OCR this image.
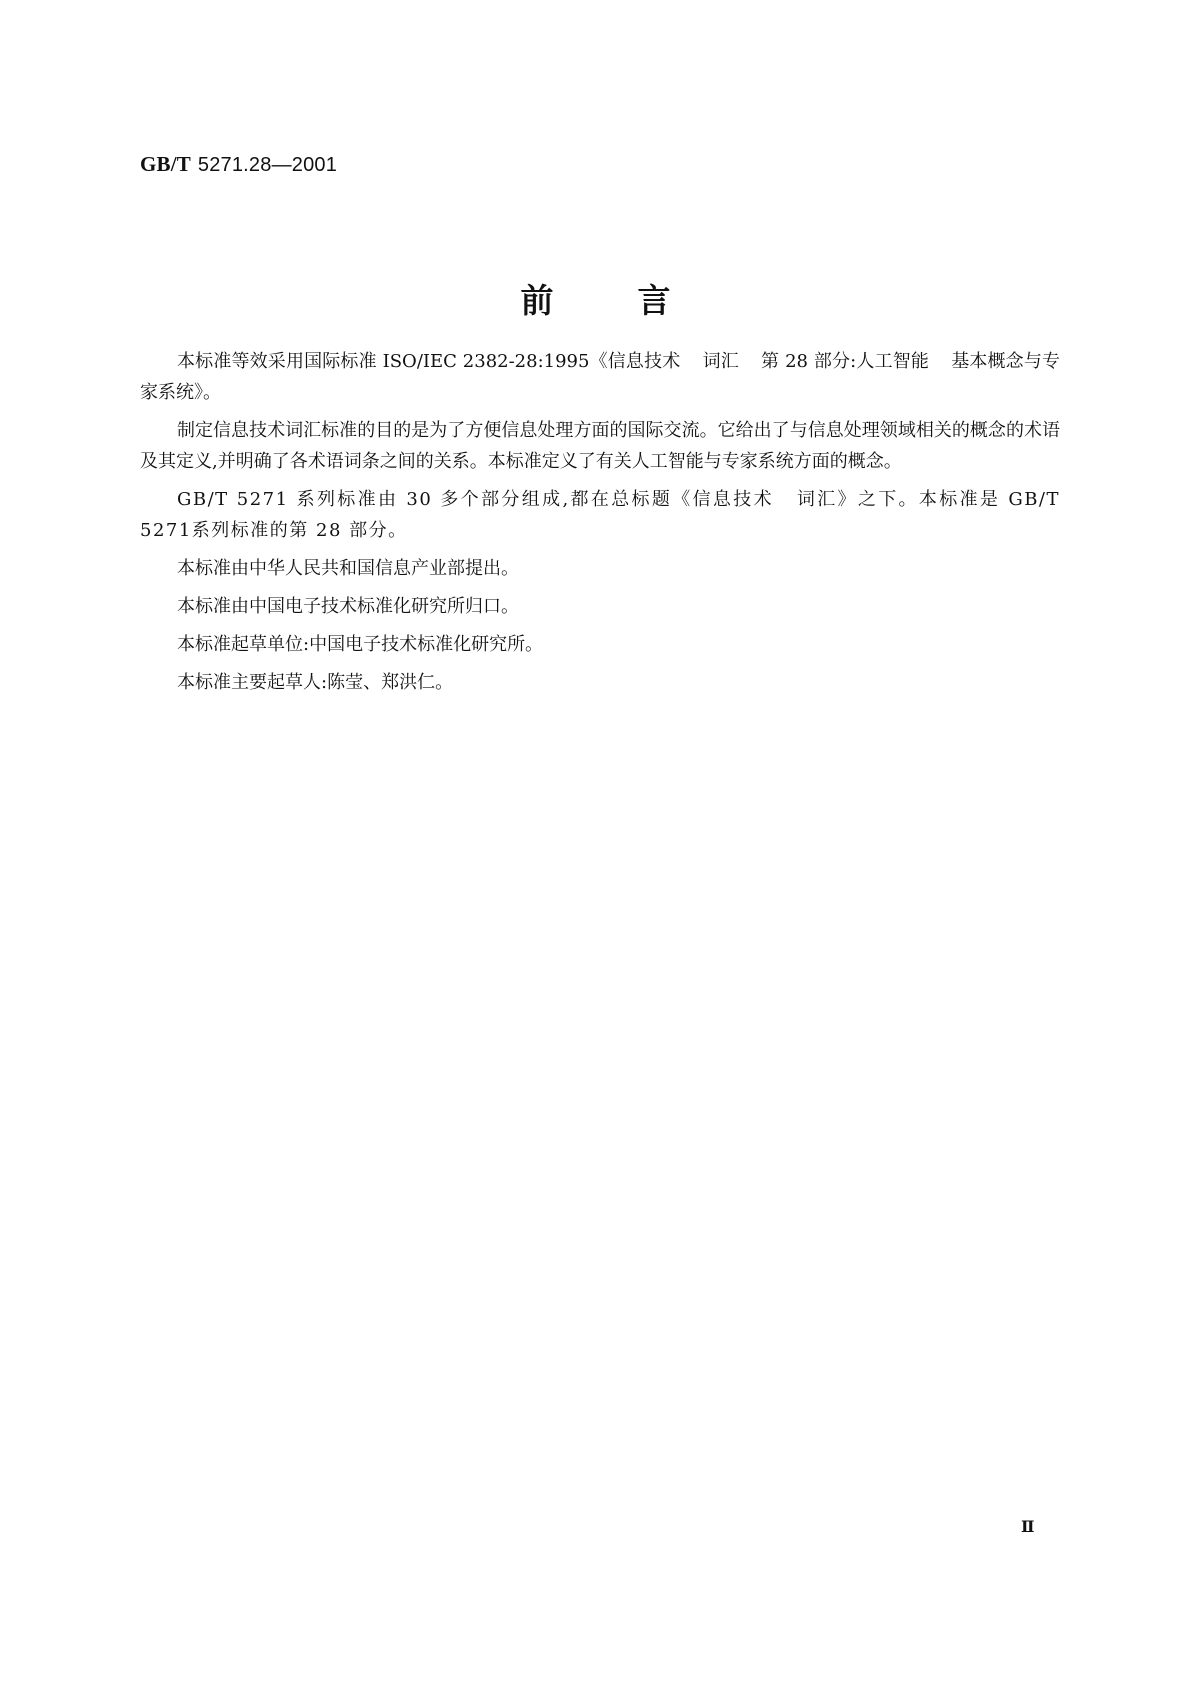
GB/T 5271.28—2001
前言

本标准等效采用国际标准 ISO/IEC 2382-28:1995《信息技术 词汇 第 28 部分:人工智能 基本概念与专家系统》。

制定信息技术词汇标准的目的是为了方便信息处理方面的国际交流。它给出了与信息处理领域相关的概念的术语及其定义,并明确了各术语词条之间的关系。本标准定义了有关人工智能与专家系统方面的概念。

GB/T 5271 系列标准由 30 多个部分组成,都在总标题《信息技术 词汇》之下。本标准是 GB/T 5271系列标准的第 28 部分。

本标准由中华人民共和国信息产业部提出。

本标准由中国电子技术标准化研究所归口。

本标准起草单位:中国电子技术标准化研究所。

本标准主要起草人:陈莹、郑洪仁。

Ⅱ
